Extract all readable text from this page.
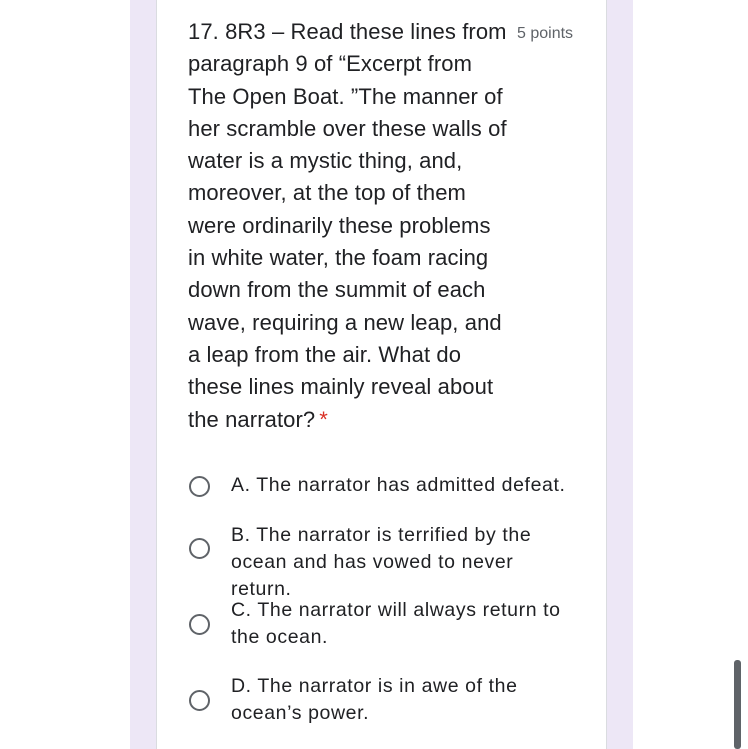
17. 8R3 – Read these lines from paragraph 9 of “Excerpt from The Open Boat. ”The manner of her scramble over these walls of water is a mystic thing, and, moreover, at the top of them were ordinarily these problems in white water, the foam racing down from the summit of each wave, requiring a new leap, and a leap from the air. What do these lines mainly reveal about the narrator? *
5 points
A. The narrator has admitted defeat.
B. The narrator is terrified by the ocean and has vowed to never return.
C. The narrator will always return to the ocean.
D. The narrator is in awe of the ocean’s power.
